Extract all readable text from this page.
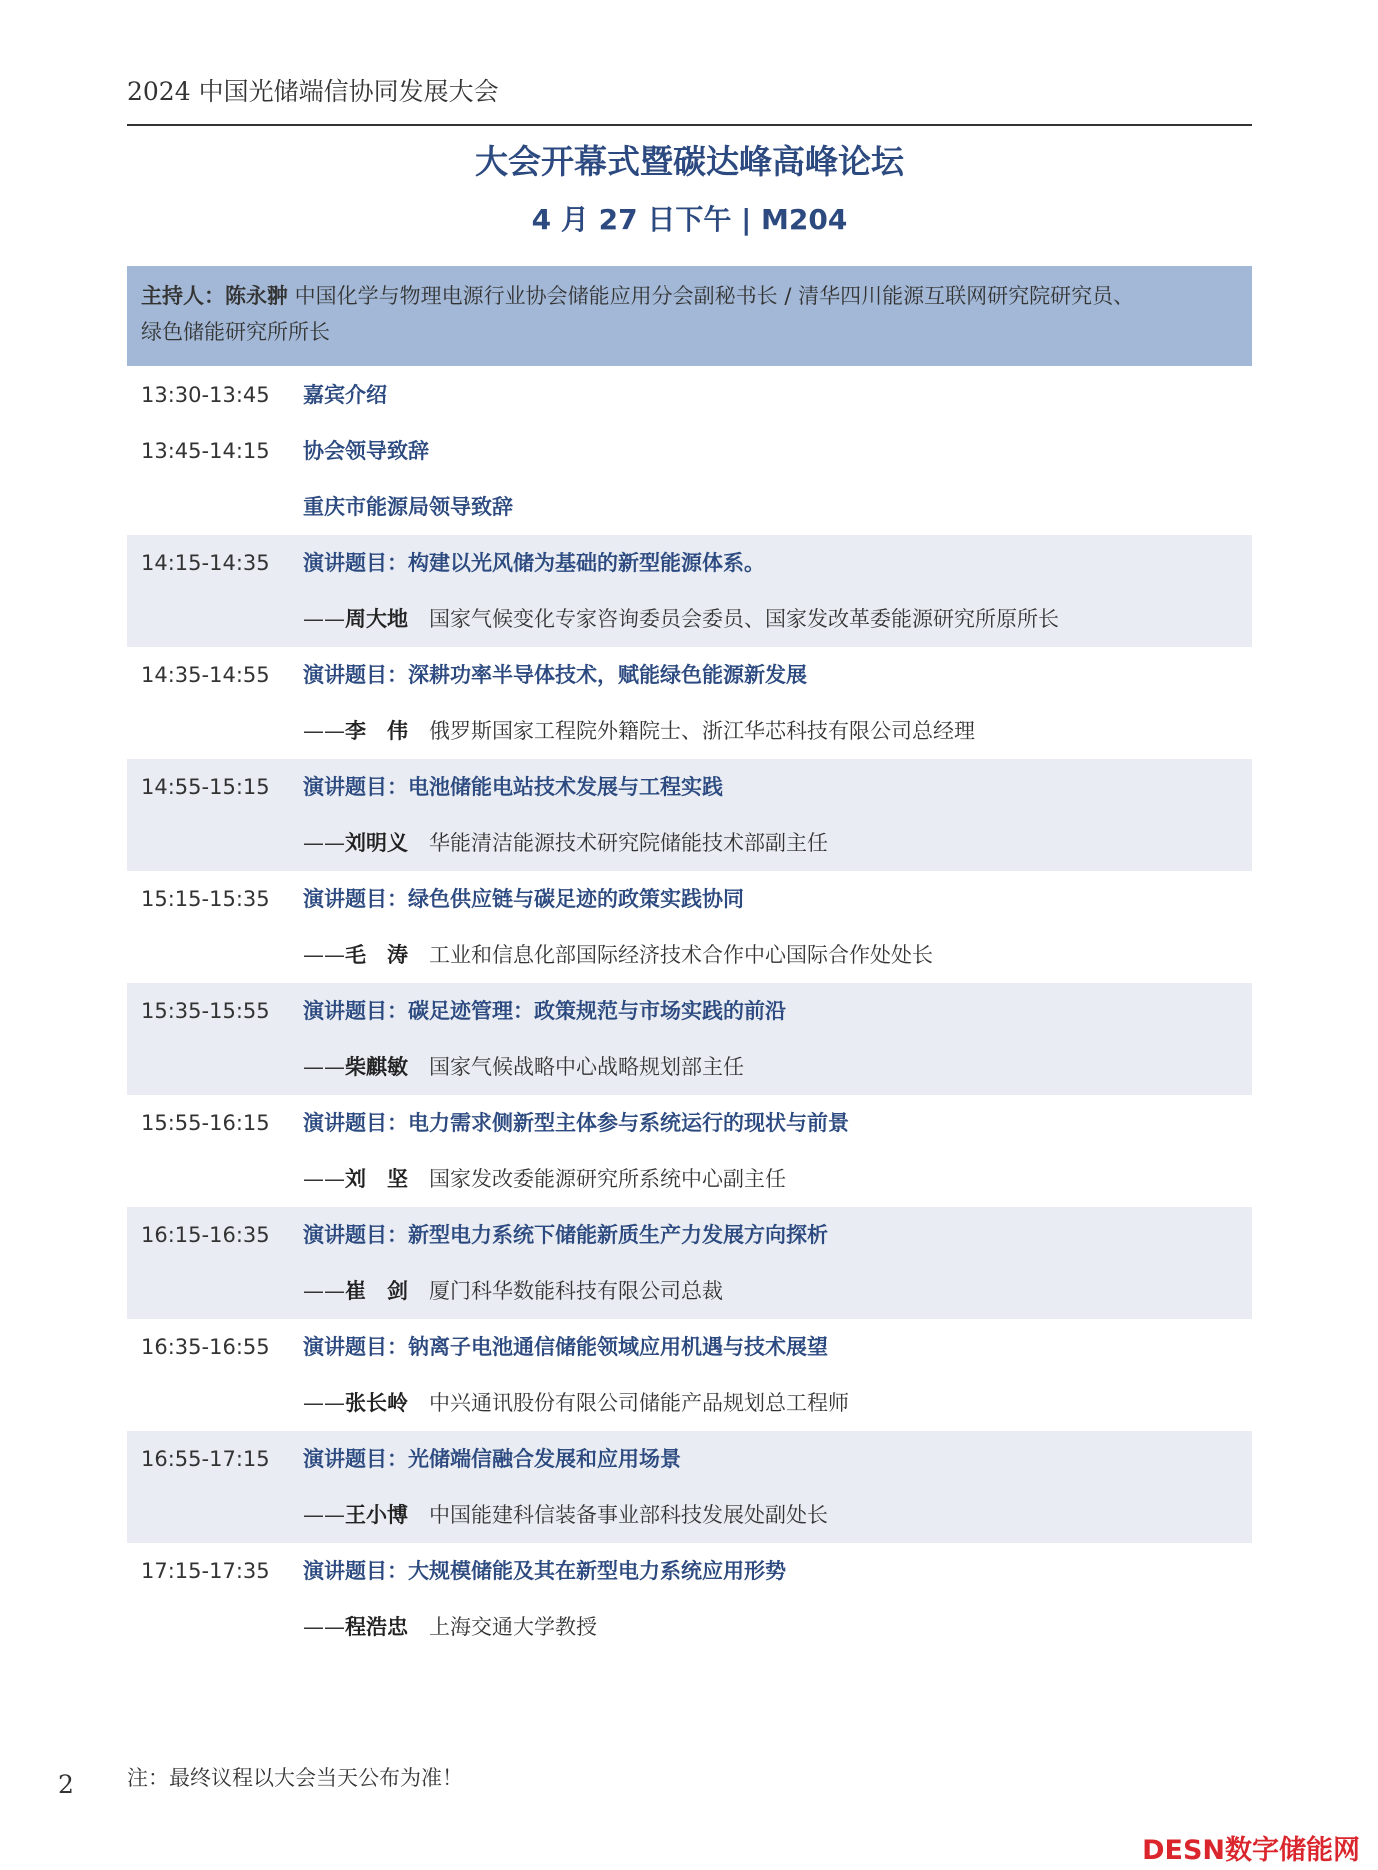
2024 中国光储端信协同发展大会
大会开幕式暨碳达峰高峰论坛
4 月 27 日下午 | M204
主持人：陈永翀 中国化学与物理电源行业协会储能应用分会副秘书长 / 清华四川能源互联网研究院研究员、
绿色储能研究所所长
13:30-13:45 嘉宾介绍
13:45-14:15 协会领导致辞
重庆市能源局领导致辞
14:15-14:35 演讲题目：构建以光风储为基础的新型能源体系。
——周大地 国家气候变化专家咨询委员会委员、国家发改革委能源研究所原所长
14:35-14:55 演讲题目：深耕功率半导体技术，赋能绿色能源新发展
——李　伟 俄罗斯国家工程院外籍院士、浙江华芯科技有限公司总经理
14:55-15:15 演讲题目：电池储能电站技术发展与工程实践
——刘明义 华能清洁能源技术研究院储能技术部副主任
15:15-15:35 演讲题目：绿色供应链与碳足迹的政策实践协同
——毛　涛 工业和信息化部国际经济技术合作中心国际合作处处长
15:35-15:55 演讲题目：碳足迹管理：政策规范与市场实践的前沿
——柴麒敏 国家气候战略中心战略规划部主任
15:55-16:15 演讲题目：电力需求侧新型主体参与系统运行的现状与前景
——刘　坚 国家发改委能源研究所系统中心副主任
16:15-16:35 演讲题目：新型电力系统下储能新质生产力发展方向探析
——崔　剑 厦门科华数能科技有限公司总裁
16:35-16:55 演讲题目：钠离子电池通信储能领域应用机遇与技术展望
——张长岭 中兴通讯股份有限公司储能产品规划总工程师
16:55-17:15 演讲题目：光储端信融合发展和应用场景
——王小博 中国能建科信装备事业部科技发展处副处长
17:15-17:35 演讲题目：大规模储能及其在新型电力系统应用形势
——程浩忠 上海交通大学教授
注：最终议程以大会当天公布为准！
2
DESN数字储能网
